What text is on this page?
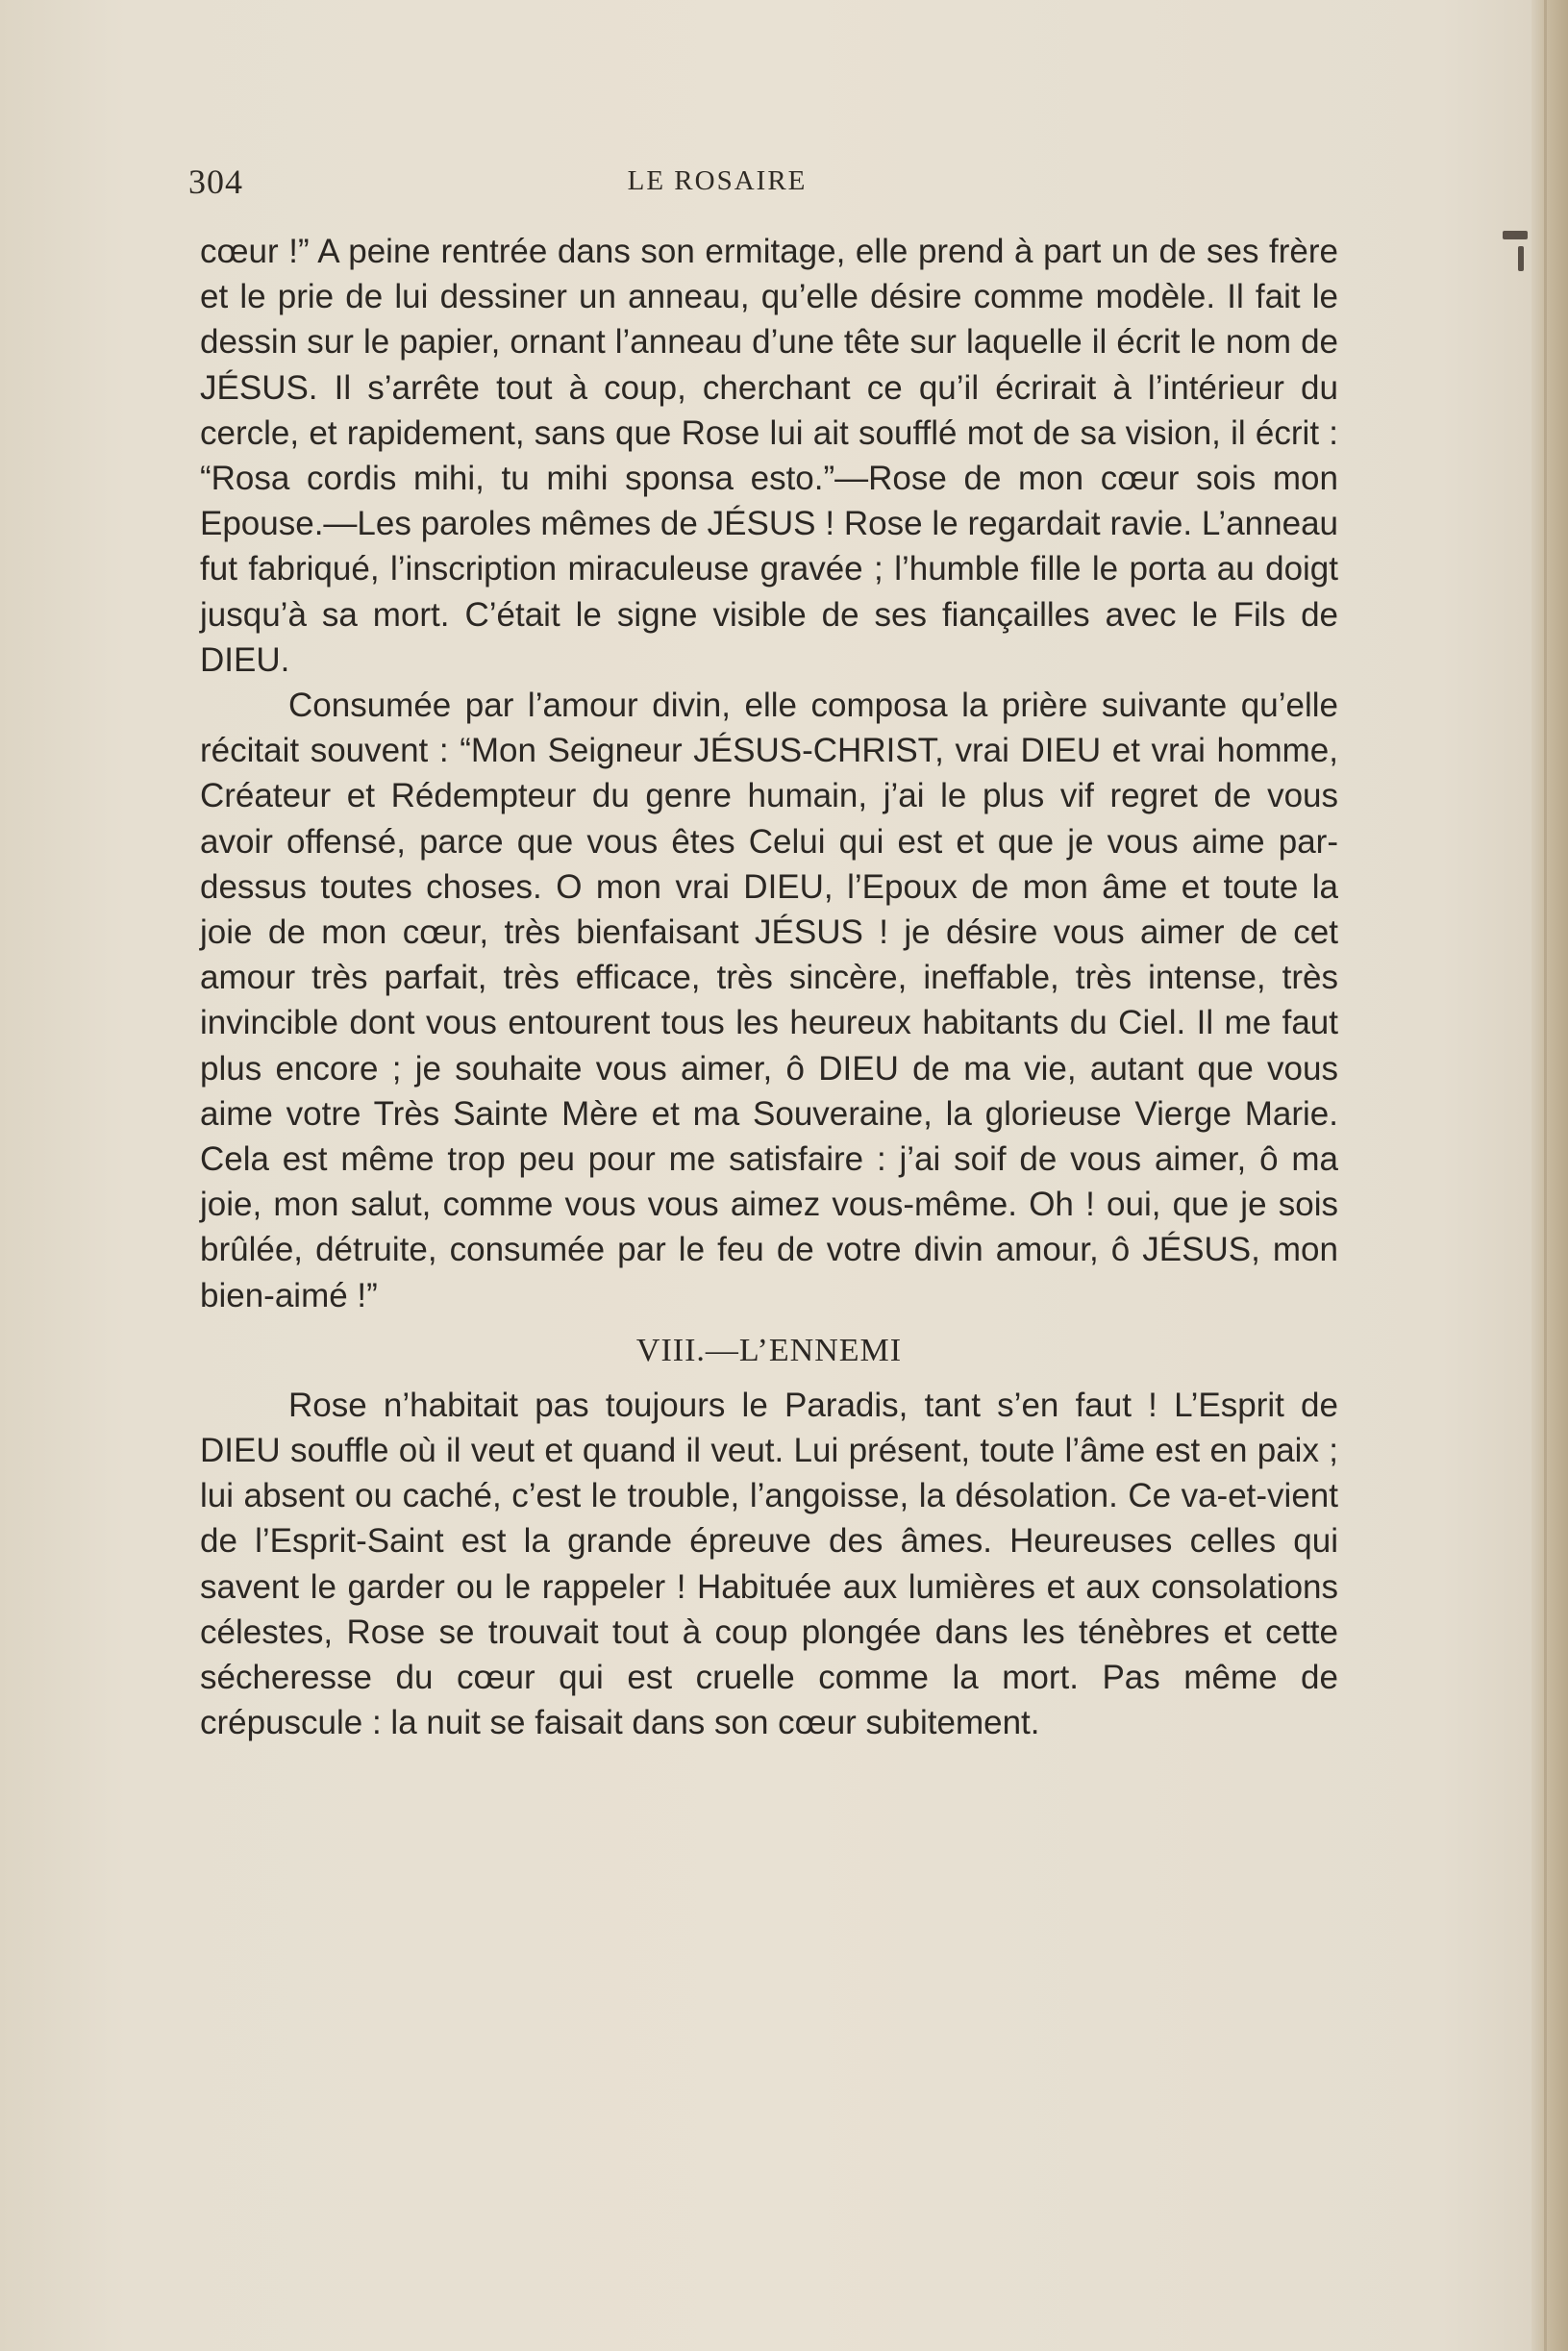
304	LE ROSAIRE

cœur !” A peine rentrée dans son ermitage, elle prend à part un de ses frère et le prie de lui dessiner un anneau, qu’elle désire comme modèle. Il fait le dessin sur le papier, ornant l’anneau d’une tête sur laquelle il écrit le nom de JÉSUS. Il s’arrête tout à coup, cherchant ce qu’il écrirait à l’intérieur du cercle, et rapidement, sans que Rose lui ait soufflé mot de sa vision, il écrit : “Rosa cordis mihi, tu mihi sponsa esto.”—Rose de mon cœur sois mon Epouse.—Les paroles mêmes de JÉSUS ! Rose le regardait ravie. L’anneau fut fabriqué, l’inscription miraculeuse gravée ; l’humble fille le porta au doigt jusqu’à sa mort. C’était le signe visible de ses fiançailles avec le Fils de DIEU.

Consumée par l’amour divin, elle composa la prière suivante qu’elle récitait souvent : “Mon Seigneur JÉSUS-CHRIST, vrai DIEU et vrai homme, Créateur et Rédempteur du genre humain, j’ai le plus vif regret de vous avoir offensé, parce que vous êtes Celui qui est et que je vous aime par-dessus toutes choses. O mon vrai DIEU, l’Epoux de mon âme et toute la joie de mon cœur, très bienfaisant JÉSUS ! je désire vous aimer de cet amour très parfait, très efficace, très sincère, ineffable, très intense, très invincible dont vous entourent tous les heureux habitants du Ciel. Il me faut plus encore ; je souhaite vous aimer, ô DIEU de ma vie, autant que vous aime votre Très Sainte Mère et ma Souveraine, la glorieuse Vierge Marie. Cela est même trop peu pour me satisfaire : j’ai soif de vous aimer, ô ma joie, mon salut, comme vous vous aimez vous-même. Oh ! oui, que je sois brûlée, détruite, consumée par le feu de votre divin amour, ô JÉSUS, mon bien-aimé !”

VIII.—L’ENNEMI

Rose n’habitait pas toujours le Paradis, tant s’en faut ! L’Esprit de DIEU souffle où il veut et quand il veut. Lui présent, toute l’âme est en paix ; lui absent ou caché, c’est le trouble, l’angoisse, la désolation. Ce va-et-vient de l’Esprit-Saint est la grande épreuve des âmes. Heureuses celles qui savent le garder ou le rappeler ! Habituée aux lumières et aux consolations célestes, Rose se trouvait tout à coup plongée dans les ténèbres et cette sécheresse du cœur qui est cruelle comme la mort. Pas même de crépuscule : la nuit se faisait dans son cœur subitement.
